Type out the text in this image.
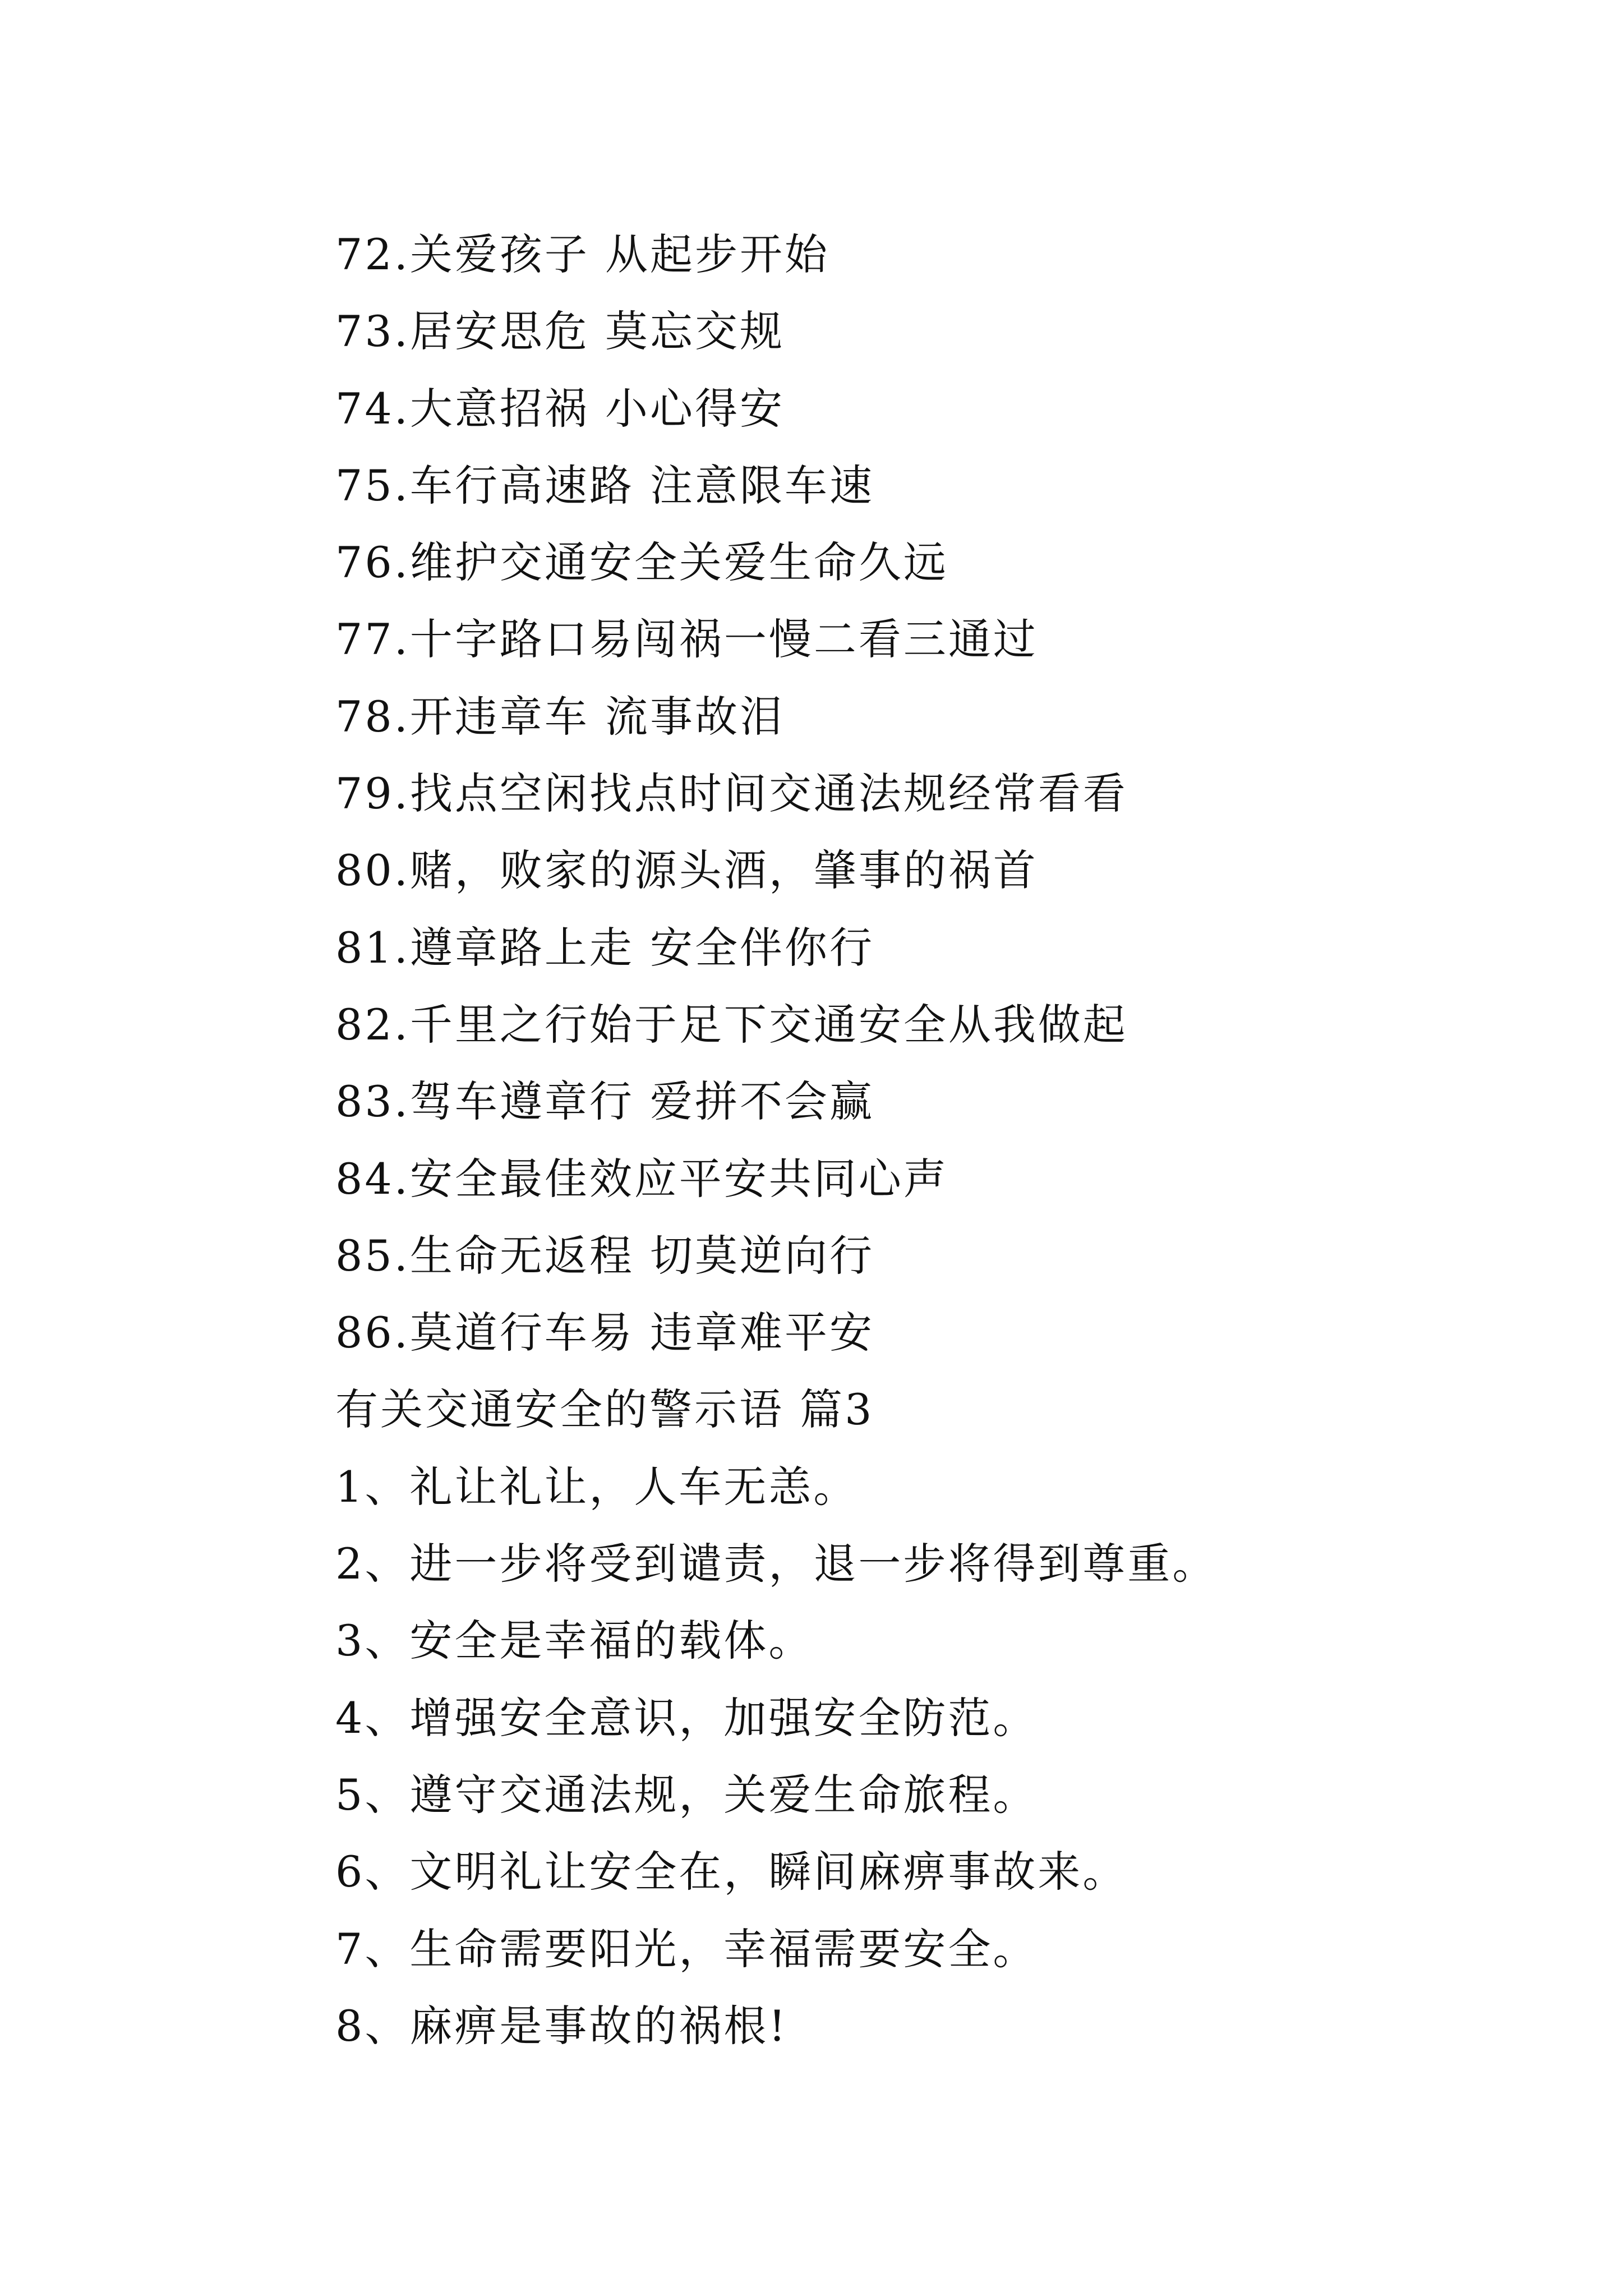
72.关爱孩子 从起步开始
73.居安思危 莫忘交规
74.大意招祸 小心得安
75.车行高速路 注意限车速
76.维护交通安全关爱生命久远
77.十字路口易闯祸一慢二看三通过
78.开违章车 流事故泪
79.找点空闲找点时间交通法规经常看看
80.赌，败家的源头酒，肇事的祸首
81.遵章路上走 安全伴你行
82.千里之行始于足下交通安全从我做起
83.驾车遵章行 爱拼不会赢
84.安全最佳效应平安共同心声
85.生命无返程 切莫逆向行
86.莫道行车易 违章难平安
有关交通安全的警示语 篇3
1、礼让礼让，人车无恙。
2、进一步将受到谴责，退一步将得到尊重。
3、安全是幸福的载体。
4、增强安全意识，加强安全防范。
5、遵守交通法规，关爱生命旅程。
6、文明礼让安全在，瞬间麻痹事故来。
7、生命需要阳光，幸福需要安全。
8、麻痹是事故的祸根!
